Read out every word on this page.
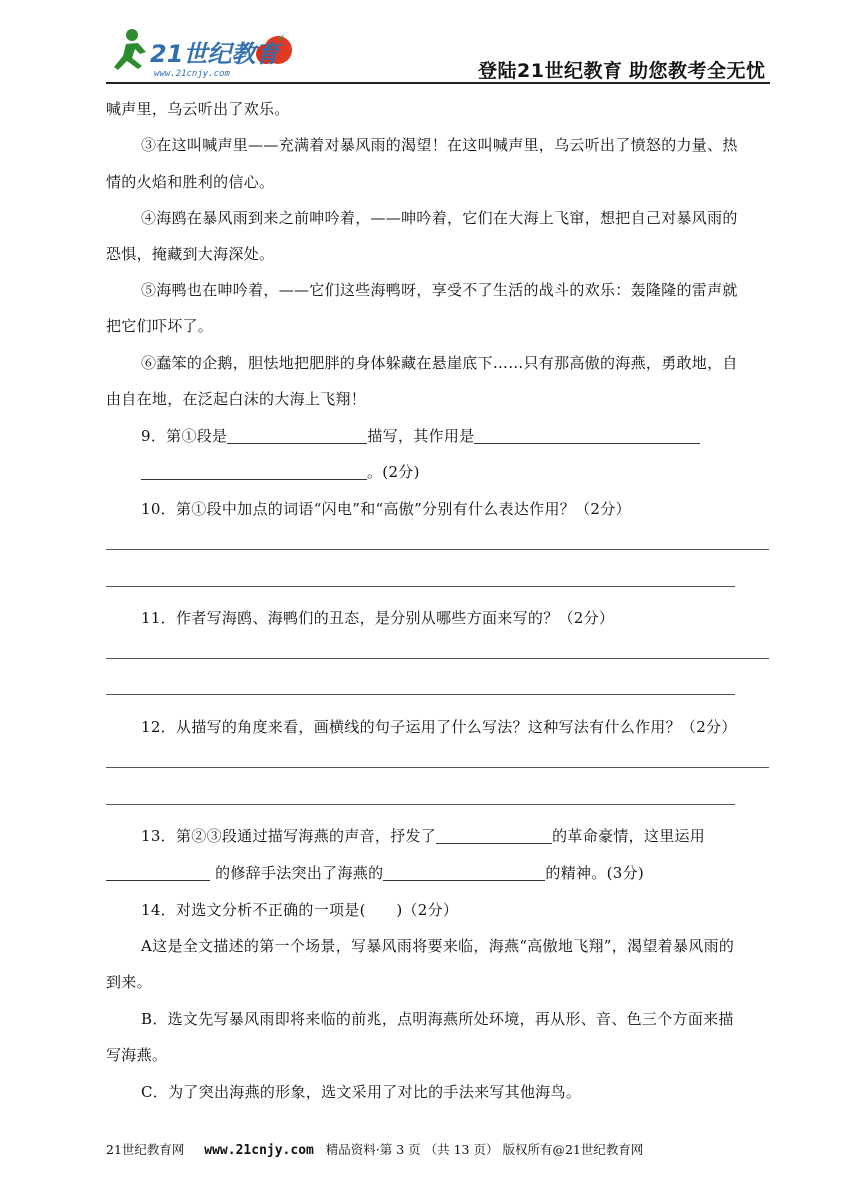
21世纪教育
www.21cnjy.com	登陆21世纪教育 助您教考全无忧
喊声里，乌云听出了欢乐。
③在这叫喊声里——充满着对暴风雨的渴望！在这叫喊声里，乌云听出了愤怒的力量、热
情的火焰和胜利的信心。
④海鸥在暴风雨到来之前呻吟着，——呻吟着，它们在大海上飞窜，想把自己对暴风雨的
恐惧，掩藏到大海深处。
⑤海鸭也在呻吟着，——它们这些海鸭呀，享受不了生活的战斗的欢乐：轰隆隆的雷声就
把它们吓坏了。
⑥蠢笨的企鹅，胆怯地把肥胖的身体躲藏在悬崖底下……只有那高傲的海燕，勇敢地，自
由自在地，在泛起白沫的大海上飞翔！
9．第①段是	描写，其作用是
。(2分)
10．第①段中加点的词语“闪电”和“高傲”分别有什么表达作用？（2分）
11．作者写海鸥、海鸭们的丑态，是分别从哪些方面来写的？（2分）
12．从描写的角度来看，画横线的句子运用了什么写法？这种写法有什么作用？（2分）
13．第②③段通过描写海燕的声音，抒发了	的革命豪情，这里运用
的修辞手法突出了海燕的	的精神。(3分)
14．对选文分析不正确的一项是(　　)（2分）
A这是全文描述的第一个场景，写暴风雨将要来临，海燕“高傲地飞翔”，渴望着暴风雨的
到来。
B．选文先写暴风雨即将来临的前兆，点明海燕所处环境，再从形、音、色三个方面来描
写海燕。
C．为了突出海燕的形象，选文采用了对比的手法来写其他海鸟。
21世纪教育网 www.21cnjy.com 精品资料·第 3 页 （共 13 页） 版权所有@21世纪教育网
